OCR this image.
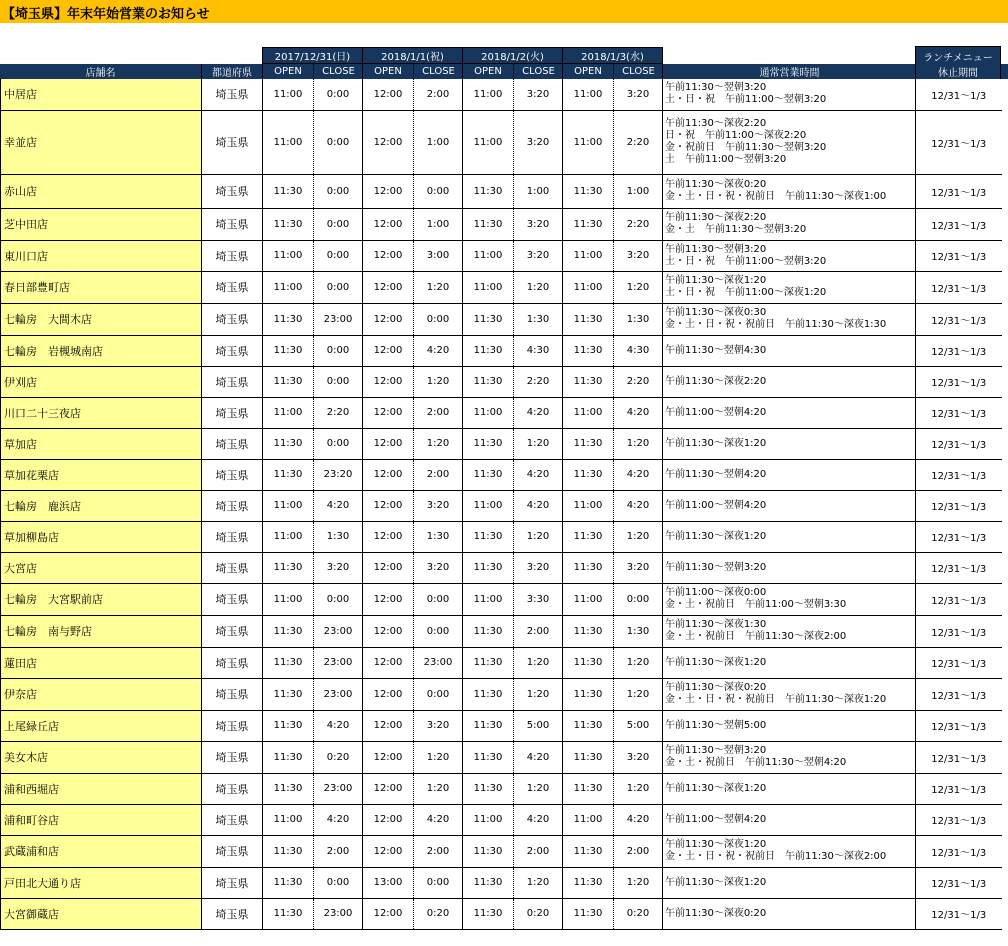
【埼玉県】年末年始営業のお知らせ
2017/12/31(日)	2018/1/1(祝)	2018/1/2(火)	2018/1/3(水)	ランチメニュー
店舗名	都道府県	OPEN	CLOSE	OPEN	CLOSE	OPEN	CLOSE	OPEN	CLOSE	通常営業時間	休止期間
中居店	埼玉県	11:00	0:00	12:00	2:00	11:00	3:20	11:00	3:20	午前11:30～翌朝3:20
土・日・祝　午前11:00～翌朝3:20	12/31～1/3
幸並店	埼玉県	11:00	0:00	12:00	1:00	11:00	3:20	11:00	2:20	午前11:30～深夜2:20
日・祝　午前11:00～深夜2:20
金・祝前日　午前11:30～翌朝3:20
土　午前11:00～翌朝3:20	12/31～1/3
赤山店	埼玉県	11:30	0:00	12:00	0:00	11:30	1:00	11:30	1:00	午前11:30～深夜0:20
金・土・日・祝・祝前日　午前11:30～深夜1:00	12/31～1/3
芝中田店	埼玉県	11:30	0:00	12:00	1:00	11:30	3:20	11:30	2:20	午前11:30～深夜2:20
金・土　午前11:30～翌朝3:20	12/31～1/3
東川口店	埼玉県	11:00	0:00	12:00	3:00	11:00	3:20	11:00	3:20	午前11:30～翌朝3:20
土・日・祝　午前11:00～翌朝3:20	12/31～1/3
春日部豊町店	埼玉県	11:00	0:00	12:00	1:20	11:00	1:20	11:00	1:20	午前11:30～深夜1:20
土・日・祝　午前11:00～深夜1:20	12/31～1/3
七輪房　大間木店	埼玉県	11:30	23:00	12:00	0:00	11:30	1:30	11:30	1:30	午前11:30～深夜0:30
金・土・日・祝・祝前日　午前11:30～深夜1:30	12/31～1/3
七輪房　岩槻城南店	埼玉県	11:30	0:00	12:00	4:20	11:30	4:30	11:30	4:30	午前11:30～翌朝4:30	12/31～1/3
伊刈店	埼玉県	11:30	0:00	12:00	1:20	11:30	2:20	11:30	2:20	午前11:30～深夜2:20	12/31～1/3
川口二十三夜店	埼玉県	11:00	2:20	12:00	2:00	11:00	4:20	11:00	4:20	午前11:00～翌朝4:20	12/31～1/3
草加店	埼玉県	11:30	0:00	12:00	1:20	11:30	1:20	11:30	1:20	午前11:30～深夜1:20	12/31～1/3
草加花栗店	埼玉県	11:30	23:20	12:00	2:00	11:30	4:20	11:30	4:20	午前11:30～翌朝4:20	12/31～1/3
七輪房　鹿浜店	埼玉県	11:00	4:20	12:00	3:20	11:00	4:20	11:00	4:20	午前11:00～翌朝4:20	12/31～1/3
草加柳島店	埼玉県	11:00	1:30	12:00	1:30	11:30	1:20	11:30	1:20	午前11:30～深夜1:20	12/31～1/3
大宮店	埼玉県	11:30	3:20	12:00	3:20	11:30	3:20	11:30	3:20	午前11:30～翌朝3:20	12/31～1/3
七輪房　大宮駅前店	埼玉県	11:00	0:00	12:00	0:00	11:00	3:30	11:00	0:00	午前11:00～深夜0:00
金・土・祝前日　午前11:00～翌朝3:30	12/31～1/3
七輪房　南与野店	埼玉県	11:30	23:00	12:00	0:00	11:30	2:00	11:30	1:30	午前11:30～深夜1:30
金・土・祝前日　午前11:30～深夜2:00	12/31～1/3
蓮田店	埼玉県	11:30	23:00	12:00	23:00	11:30	1:20	11:30	1:20	午前11:30～深夜1:20	12/31～1/3
伊奈店	埼玉県	11:30	23:00	12:00	0:00	11:30	1:20	11:30	1:20	午前11:30～深夜0:20
金・土・日・祝・祝前日　午前11:30～深夜1:20	12/31～1/3
上尾緑丘店	埼玉県	11:30	4:20	12:00	3:20	11:30	5:00	11:30	5:00	午前11:30～翌朝5:00	12/31～1/3
美女木店	埼玉県	11:30	0:20	12:00	1:20	11:30	4:20	11:30	3:20	午前11:30～翌朝3:20
金・土・祝前日　午前11:30～翌朝4:20	12/31～1/3
浦和西堀店	埼玉県	11:30	23:00	12:00	1:20	11:30	1:20	11:30	1:20	午前11:30～深夜1:20	12/31～1/3
浦和町谷店	埼玉県	11:00	4:20	12:00	4:20	11:00	4:20	11:00	4:20	午前11:00～翌朝4:20	12/31～1/3
武蔵浦和店	埼玉県	11:30	2:00	12:00	2:00	11:30	2:00	11:30	2:00	午前11:30～深夜1:20
金・土・日・祝・祝前日　午前11:30～深夜2:00	12/31～1/3
戸田北大通り店	埼玉県	11:30	0:00	13:00	0:00	11:30	1:20	11:30	1:20	午前11:30～深夜1:20	12/31～1/3
大宮御蔵店	埼玉県	11:30	23:00	12:00	0:20	11:30	0:20	11:30	0:20	午前11:30～深夜0:20	12/31～1/3
